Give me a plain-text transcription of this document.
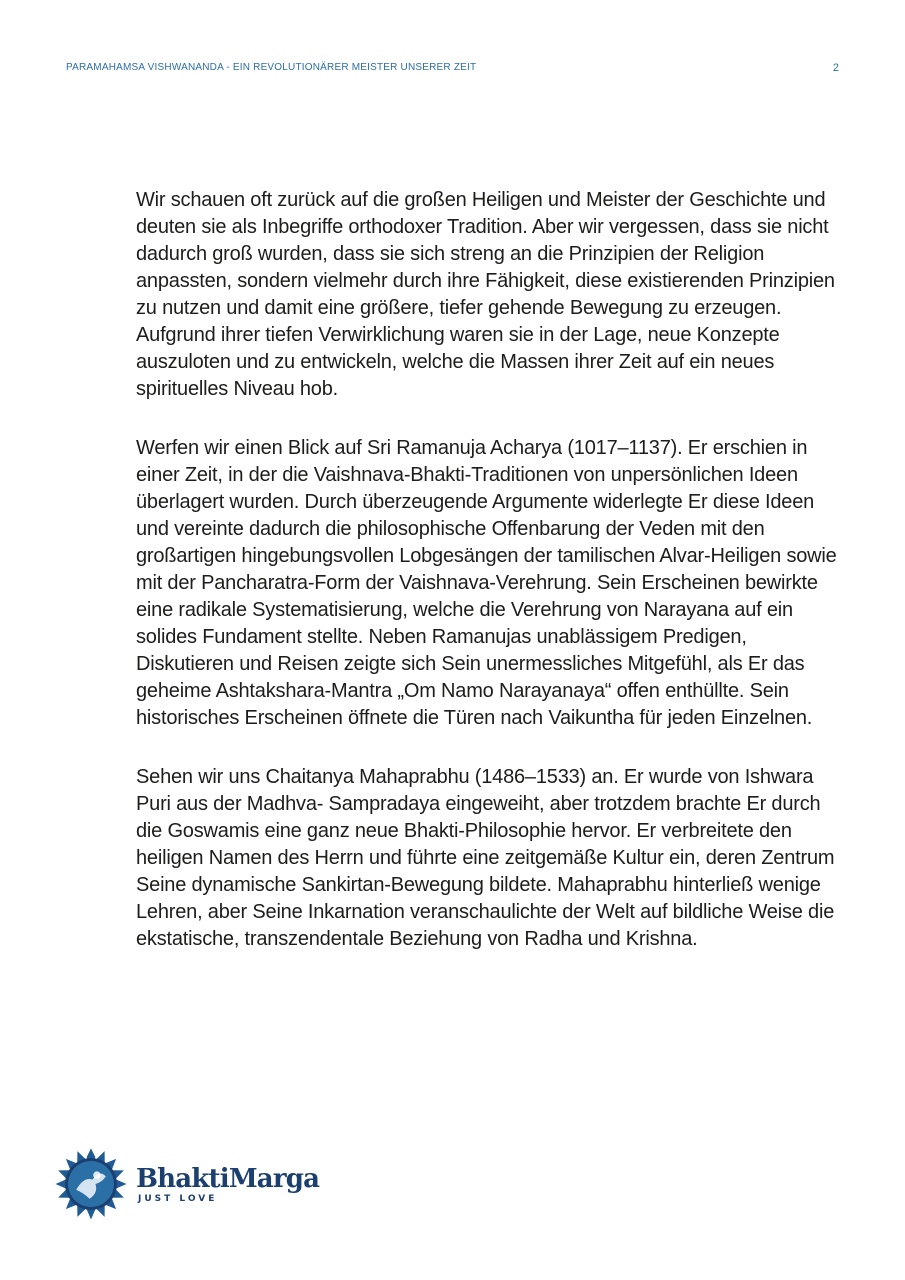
PARAMAHAMSA VISHWANANDA - EIN REVOLUTIONÄRER MEISTER UNSERER ZEIT	2

Wir schauen oft zurück auf die großen Heiligen und Meister der Geschichte und deuten sie als Inbegriffe orthodoxer Tradition. Aber wir vergessen, dass sie nicht dadurch groß wurden, dass sie sich streng an die Prinzipien der Religion anpassten, sondern vielmehr durch ihre Fähigkeit, diese existierenden Prinzipien zu nutzen und damit eine größere, tiefer gehende Bewegung zu erzeugen. Aufgrund ihrer tiefen Verwirklichung waren sie in der Lage, neue Konzepte auszuloten und zu entwickeln, welche die Massen ihrer Zeit auf ein neues spirituelles Niveau hob.

Werfen wir einen Blick auf Sri Ramanuja Acharya (1017–1137). Er erschien in einer Zeit, in der die Vaishnava-Bhakti-Traditionen von unpersönlichen Ideen überlagert wurden. Durch überzeugende Argumente widerlegte Er diese Ideen und vereinte dadurch die philosophische Offenbarung der Veden mit den großartigen hingebungsvollen Lobgesängen der tamilischen Alvar-Heiligen sowie mit der Pancharatra-Form der Vaishnava-Verehrung. Sein Erscheinen bewirkte eine radikale Systematisierung, welche die Verehrung von Narayana auf ein solides Fundament stellte. Neben Ramanujas unablässigem Predigen, Diskutieren und Reisen zeigte sich Sein unermessliches Mitgefühl, als Er das geheime Ashtakshara-Mantra „Om Namo Narayanaya“ offen enthüllte. Sein historisches Erscheinen öffnete die Türen nach Vaikuntha für jeden Einzelnen.

Sehen wir uns Chaitanya Mahaprabhu (1486–1533) an. Er wurde von Ishwara Puri aus der Madhva- Sampradaya eingeweiht, aber trotzdem brachte Er durch die Goswamis eine ganz neue Bhakti-Philosophie hervor. Er verbreitete den heiligen Namen des Herrn und führte eine zeitgemäße Kultur ein, deren Zentrum Seine dynamische Sankirtan-Bewegung bildete. Mahaprabhu hinterließ wenige Lehren, aber Seine Inkarnation veranschaulichte der Welt auf bildliche Weise die ekstatische, transzendentale Beziehung von Radha und Krishna.

BhaktiMarga
JUST LOVE
